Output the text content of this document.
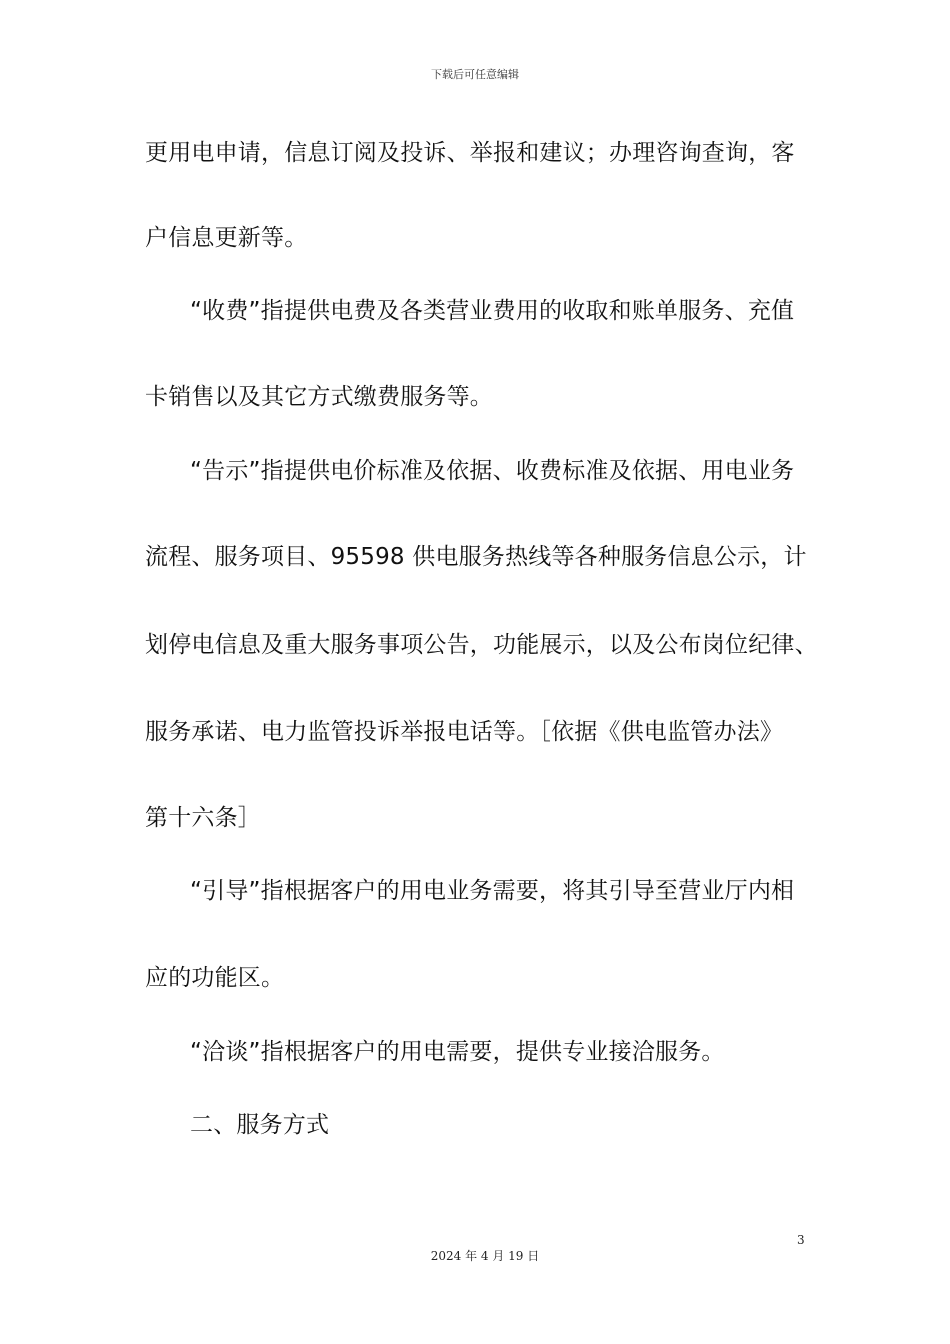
下载后可任意编辑
更用电申请，信息订阅及投诉、举报和建议；办理咨询查询，客
户信息更新等。
“收费”指提供电费及各类营业费用的收取和账单服务、充值
卡销售以及其它方式缴费服务等。
“告示”指提供电价标准及依据、收费标准及依据、用电业务
流程、服务项目、95598 供电服务热线等各种服务信息公示，计
划停电信息及重大服务事项公告，功能展示，以及公布岗位纪律、
服务承诺、电力监管投诉举报电话等。［依据《供电监管办法》
第十六条］
“引导”指根据客户的用电业务需要，将其引导至营业厅内相
应的功能区。
“洽谈”指根据客户的用电需要，提供专业接洽服务。
二、服务方式
3
2024 年 4 月 19 日
